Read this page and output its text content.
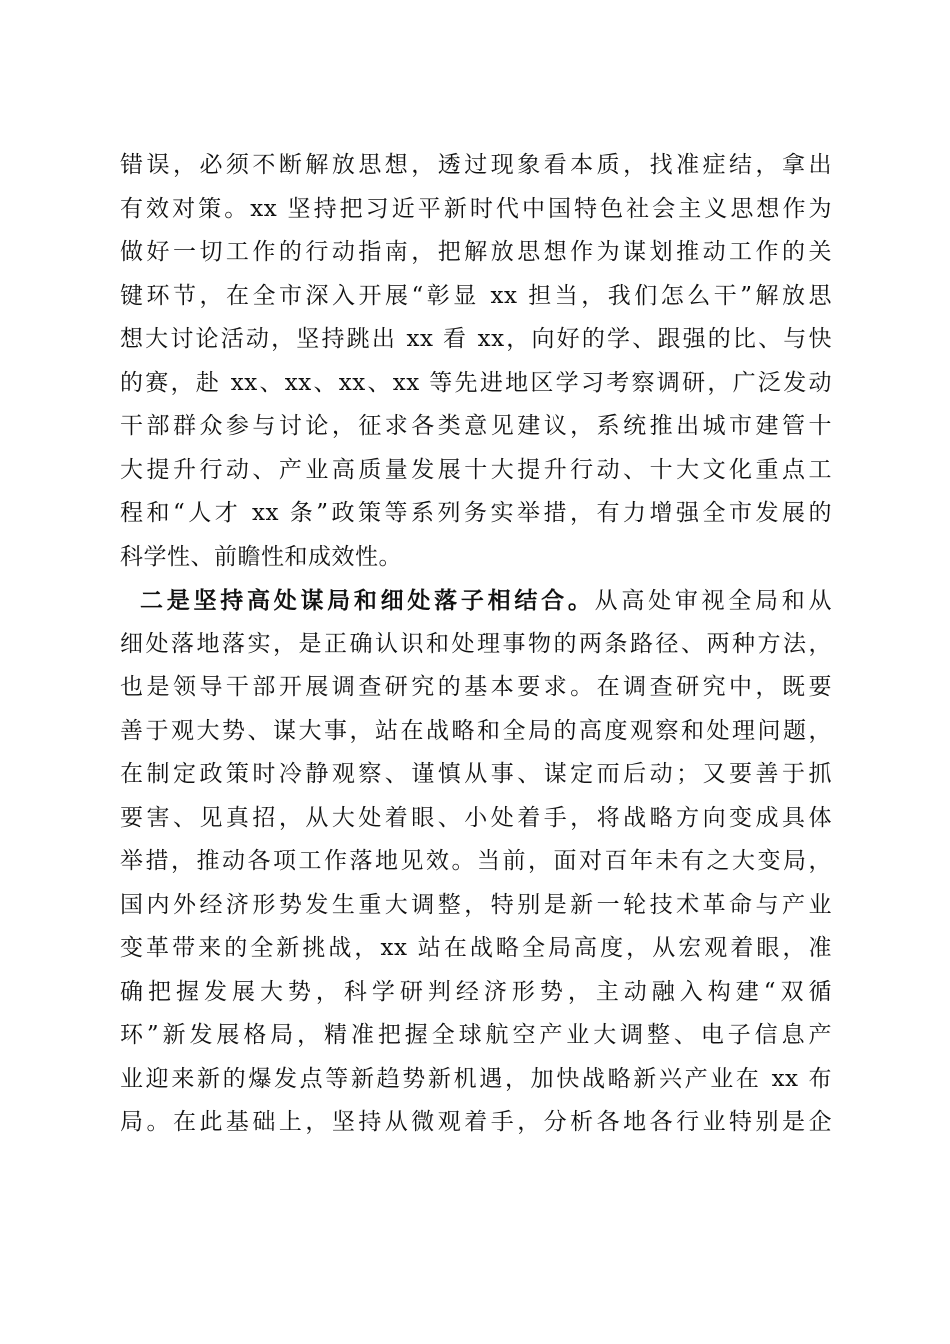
错误，必须不断解放思想，透过现象看本质，找准症结，拿出
有效对策。xx 坚持把习近平新时代中国特色社会主义思想作为
做好一切工作的行动指南，把解放思想作为谋划推动工作的关
键环节，在全市深入开展“彰显 xx 担当，我们怎么干”解放思
想大讨论活动，坚持跳出 xx 看 xx，向好的学、跟强的比、与快
的赛，赴 xx、xx、xx、xx 等先进地区学习考察调研，广泛发动
干部群众参与讨论，征求各类意见建议，系统推出城市建管十
大提升行动、产业高质量发展十大提升行动、十大文化重点工
程和“人才 xx 条”政策等系列务实举措，有力增强全市发展的
科学性、前瞻性和成效性。
二是坚持高处谋局和细处落子相结合。从高处审视全局和从
细处落地落实，是正确认识和处理事物的两条路径、两种方法，
也是领导干部开展调查研究的基本要求。在调查研究中，既要
善于观大势、谋大事，站在战略和全局的高度观察和处理问题，
在制定政策时冷静观察、谨慎从事、谋定而后动；又要善于抓
要害、见真招，从大处着眼、小处着手，将战略方向变成具体
举措，推动各项工作落地见效。当前，面对百年未有之大变局，
国内外经济形势发生重大调整，特别是新一轮技术革命与产业
变革带来的全新挑战，xx 站在战略全局高度，从宏观着眼，准
确把握发展大势，科学研判经济形势，主动融入构建“双循
环”新发展格局，精准把握全球航空产业大调整、电子信息产
业迎来新的爆发点等新趋势新机遇，加快战略新兴产业在 xx 布
局。在此基础上，坚持从微观着手，分析各地各行业特别是企
